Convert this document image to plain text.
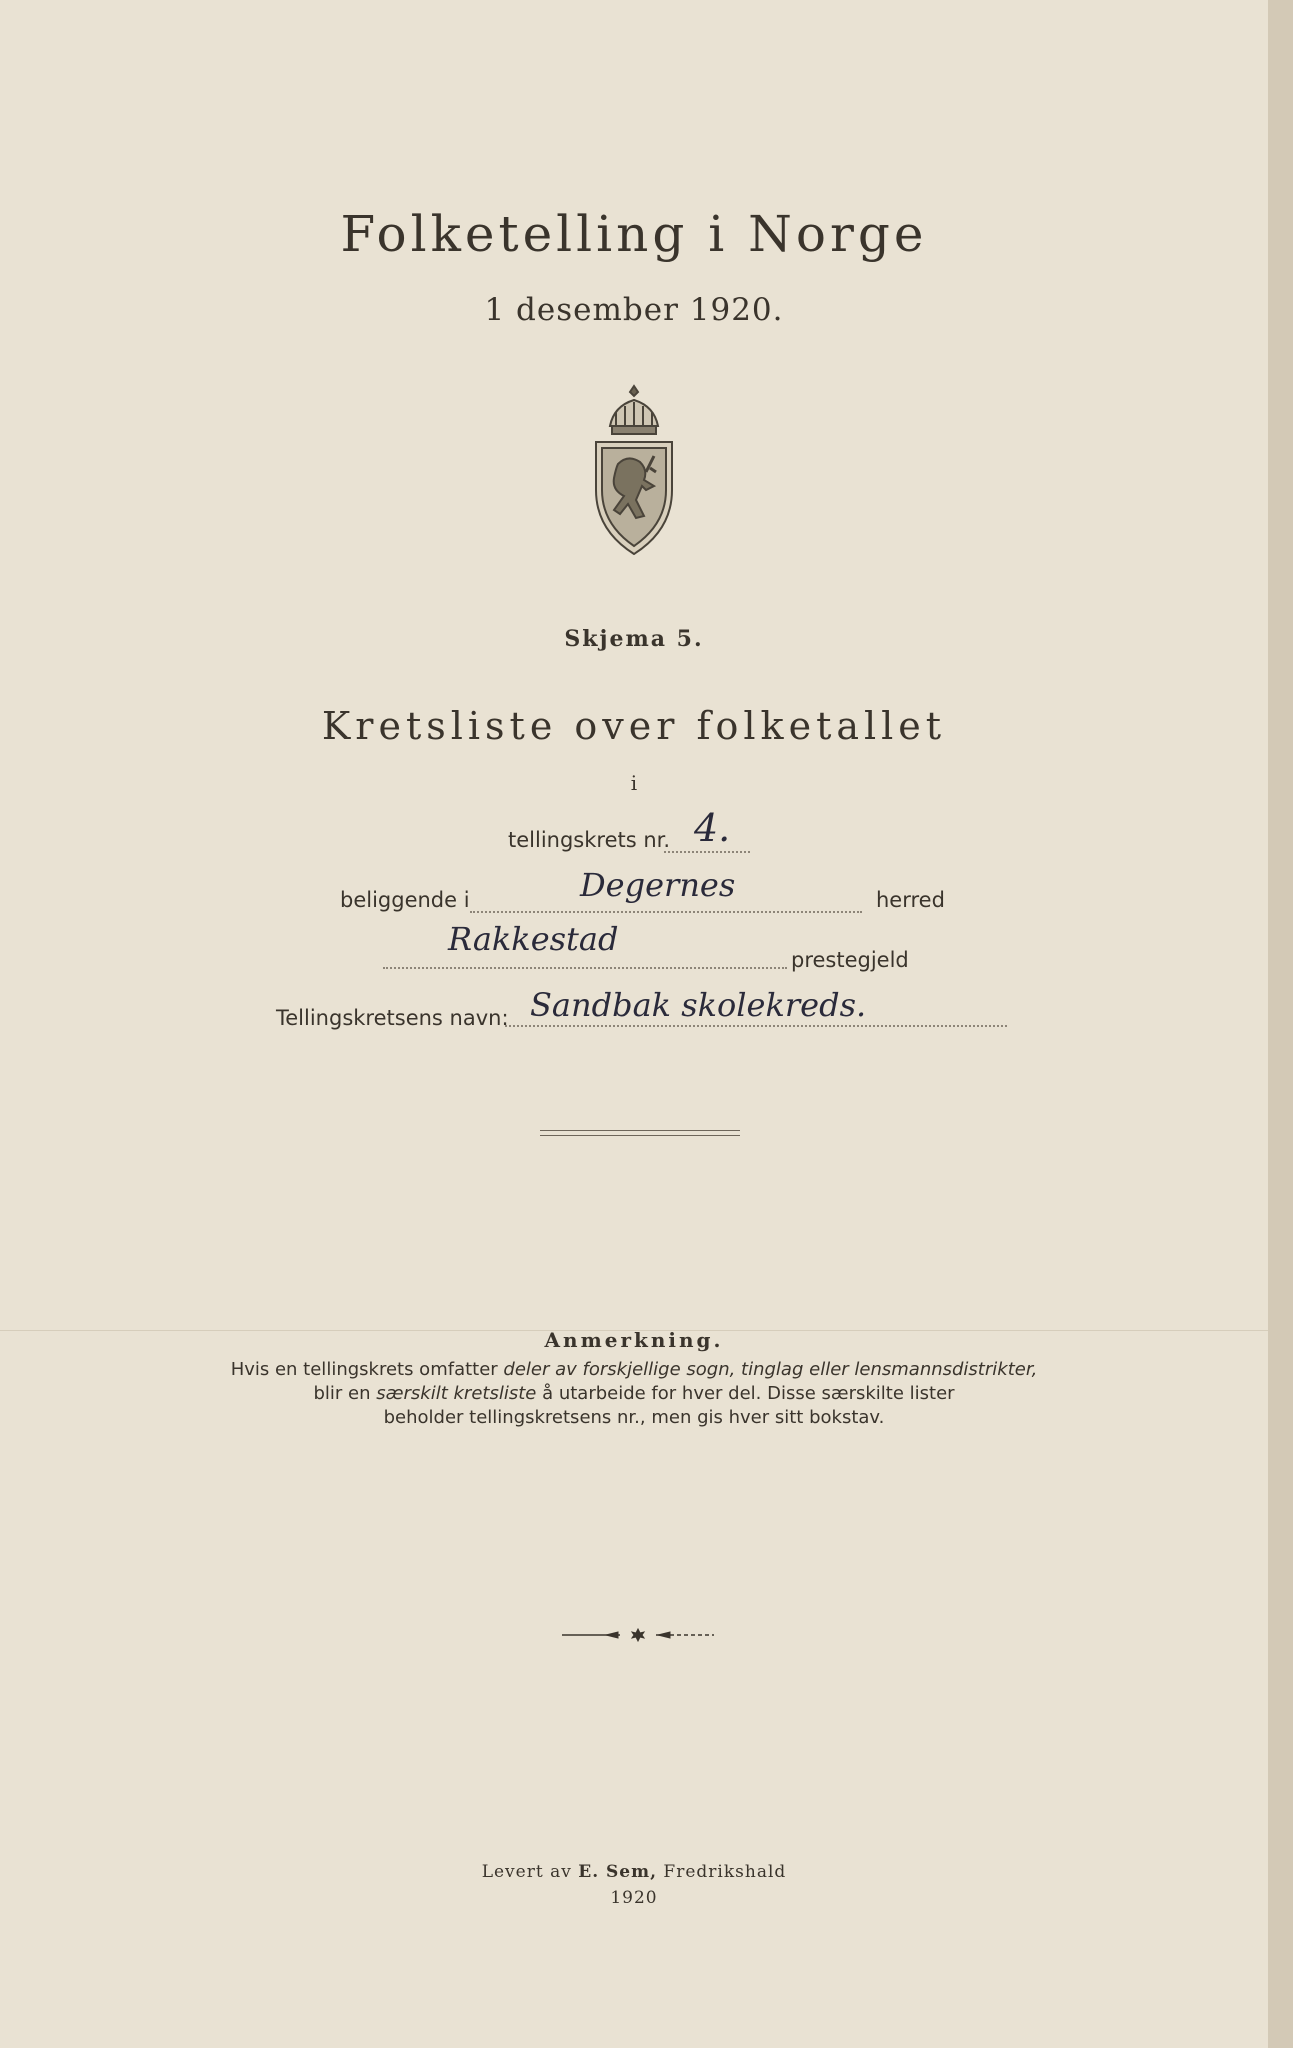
Folketelling i Norge
1 desember 1920.
Skjema 5.
Kretsliste over folketallet
i
tellingskrets nr. 4.
beliggende i	Degernes	herred
Rakkestad
prestegjeld
Tellingskretsens navn: Sandbak skolekreds.
Anmerkning.
Hvis en tellingskrets omfatter deler av forskjellige sogn, tinglag eller lensmannsdistrikter,
blir en særskilt kretsliste å utarbeide for hver del. Disse særskilte lister
beholder tellingskretsens nr., men gis hver sitt bokstav.
Levert av E. Sem, Fredrikshald
1920
